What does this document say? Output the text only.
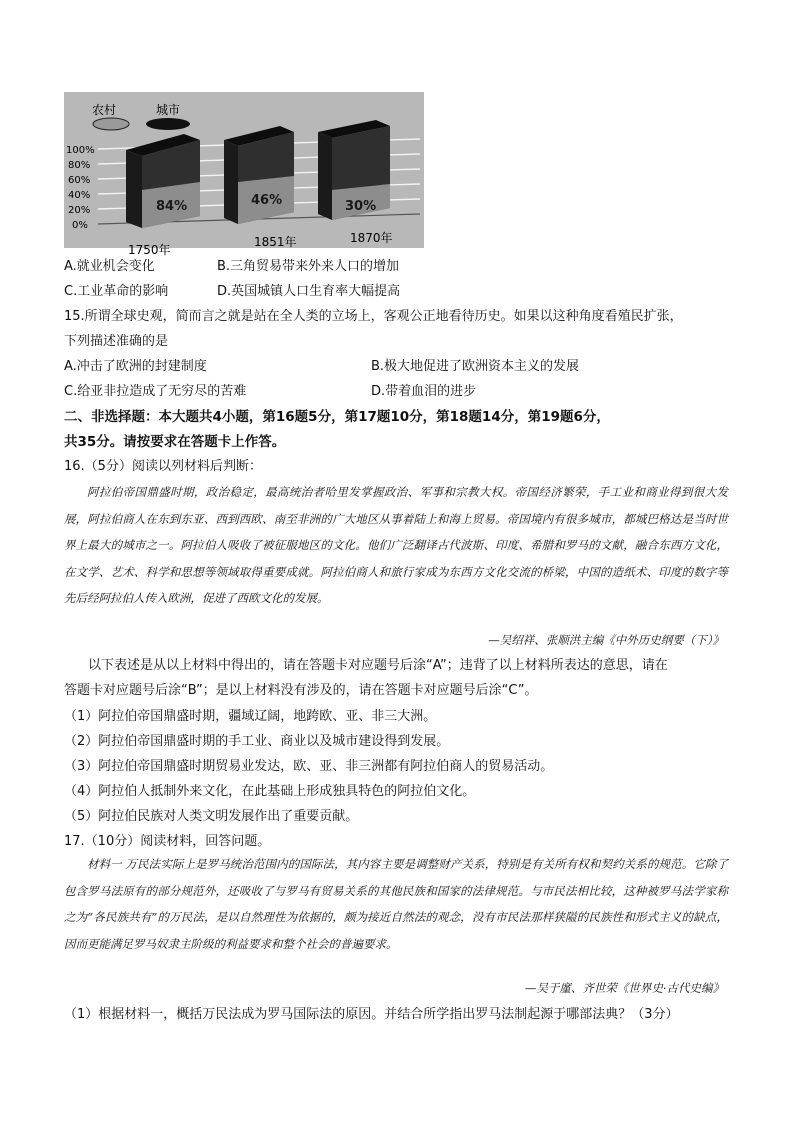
农村	城市
100%
80%
60%
40%
20%
0%
84%	46%	30%
1750年
1851年	1870年
A.就业机会变化	B.三角贸易带来外来人口的增加
C.工业革命的影响	D.英国城镇人口生育率大幅提高
15.所谓全球史观，简而言之就是站在全人类的立场上，客观公正地看待历史。如果以这种角度看殖民扩张，
下列描述准确的是
A.冲击了欧洲的封建制度	B.极大地促进了欧洲资本主义的发展
C.给亚非拉造成了无穷尽的苦难	D.带着血泪的进步
二、非选择题：本大题共4小题，第16题5分，第17题10分，第18题14分，第19题6分，
共35分。请按要求在答题卡上作答。
16.（5分）阅读以列材料后判断：

阿拉伯帝国鼎盛时期，政治稳定，最高统治者哈里发掌握政治、军事和宗教大权。帝国经济繁荣，手工业和商业得到很大发展，阿拉伯商人在东到东亚、西到西欧、南至非洲的广大地区从事着陆上和海上贸易。帝国境内有很多城市，都城巴格达是当时世界上最大的城市之一。阿拉伯人吸收了被征服地区的文化。他们广泛翻译古代波斯、印度、希腊和罗马的文献，融合东西方文化，在文学、艺术、科学和思想等领域取得重要成就。阿拉伯商人和旅行家成为东西方文化交流的桥梁，中国的造纸术、印度的数字等先后经阿拉伯人传入欧洲，促进了西欧文化的发展。

—吴绍祥、张顺洪主编《中外历史纲要（下）》
以下表述是从以上材料中得出的，请在答题卡对应题号后涂“A”；违背了以上材料所表达的意思，请在
答题卡对应题号后涂“B”；是以上材料没有涉及的，请在答题卡对应题号后涂“C”。
（1）阿拉伯帝国鼎盛时期，疆域辽阔，地跨欧、亚、非三大洲。
（2）阿拉伯帝国鼎盛时期的手工业、商业以及城市建设得到发展。
（3）阿拉伯帝国鼎盛时期贸易业发达，欧、亚、非三洲都有阿拉伯商人的贸易活动。
（4）阿拉伯人抵制外来文化，在此基础上形成独具特色的阿拉伯文化。
（5）阿拉伯民族对人类文明发展作出了重要贡献。
17.（10分）阅读材料，回答问题。

材料一 万民法实际上是罗马统治范围内的国际法，其内容主要是调整财产关系，特别是有关所有权和契约关系的规范。它除了包含罗马法原有的部分规范外，还吸收了与罗马有贸易关系的其他民族和国家的法律规范。与市民法相比较，这种被罗马法学家称之为“各民族共有”的万民法，是以自然理性为依据的，颇为接近自然法的观念，没有市民法那样狭隘的民族性和形式主义的缺点，因而更能满足罗马奴隶主阶级的利益要求和整个社会的普遍要求。

—吴于廑、齐世荣《世界史·古代史编》
（1）根据材料一，概括万民法成为罗马国际法的原因。并结合所学指出罗马法制起源于哪部法典？（3分）
